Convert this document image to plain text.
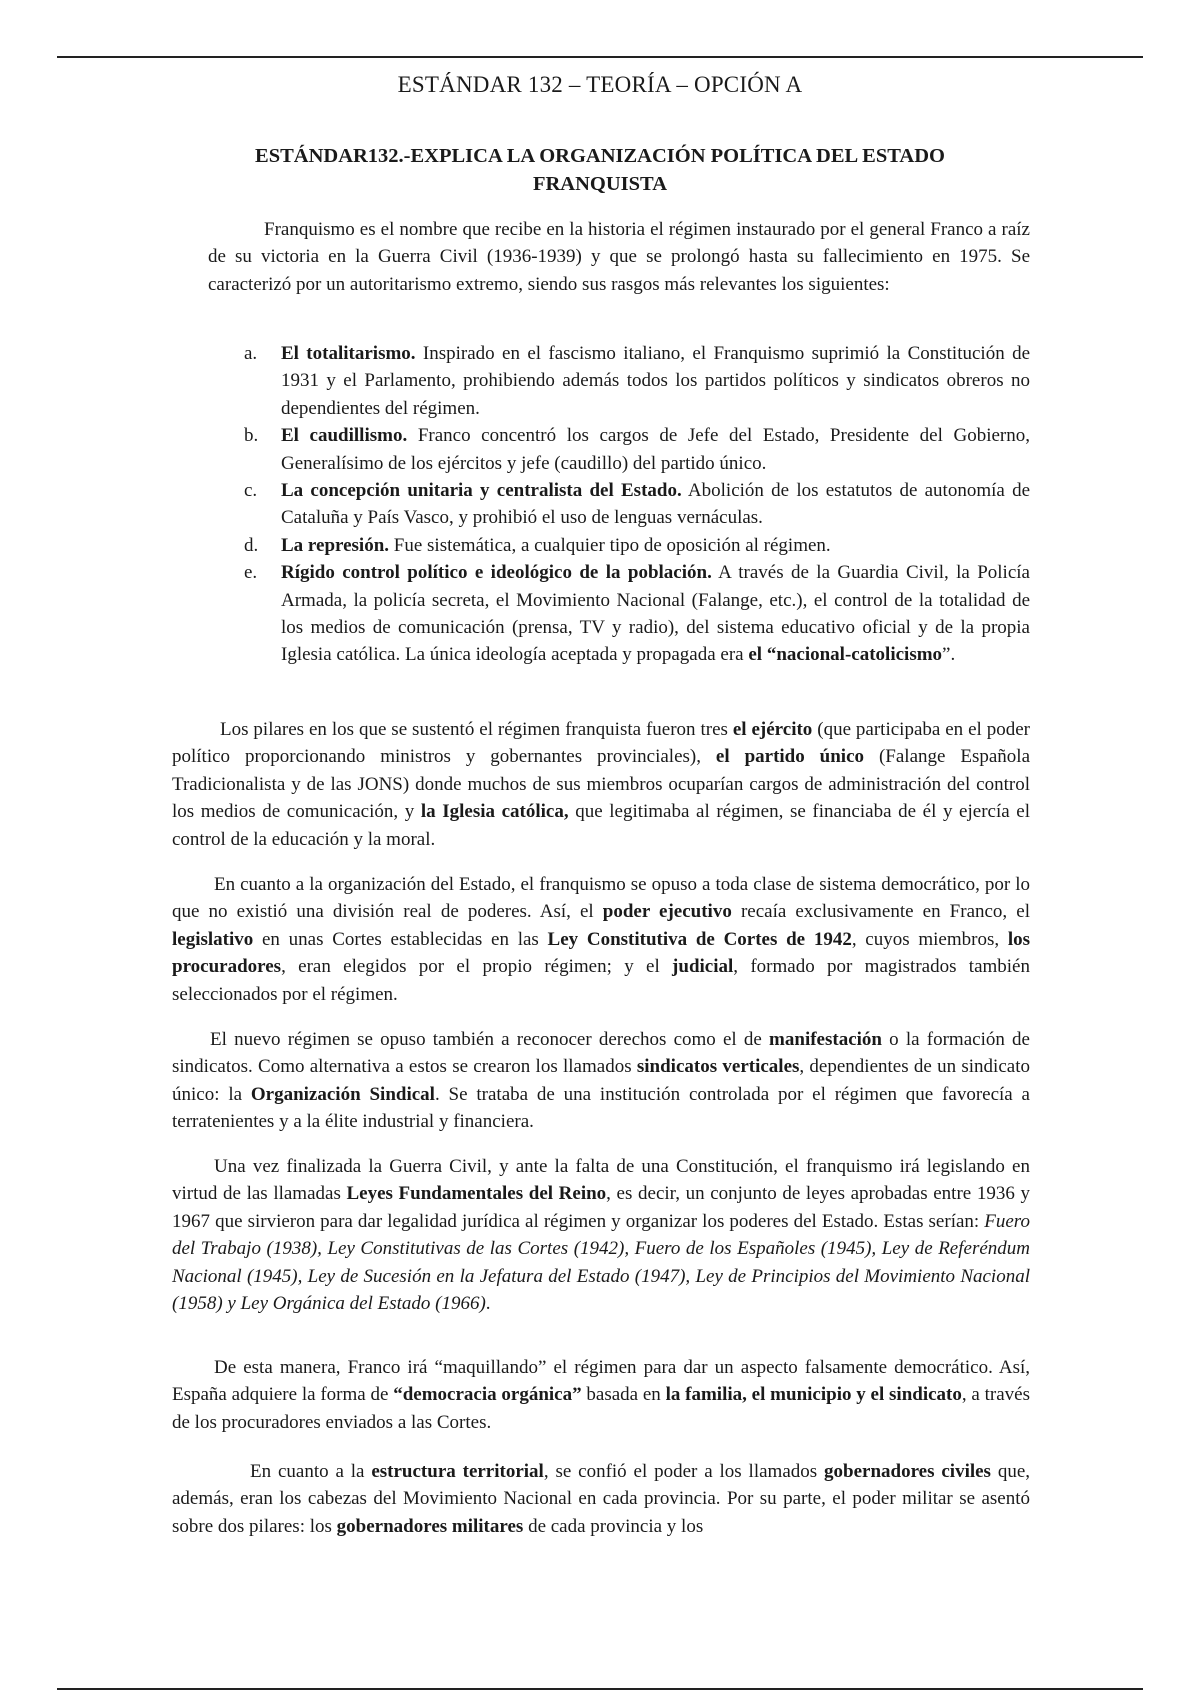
ESTÁNDAR 132 – TEORÍA – OPCIÓN A
ESTÁNDAR132.-EXPLICA LA ORGANIZACIÓN POLÍTICA DEL ESTADO
FRANQUISTA
Franquismo es el nombre que recibe en la historia el régimen instaurado por el general Franco a raíz de su victoria en la Guerra Civil (1936-1939) y que se prolongó hasta su fallecimiento en 1975. Se caracterizó por un autoritarismo extremo, siendo sus rasgos más relevantes los siguientes:
a. El totalitarismo. Inspirado en el fascismo italiano, el Franquismo suprimió la Constitución de 1931 y el Parlamento, prohibiendo además todos los partidos políticos y sindicatos obreros no dependientes del régimen.
b. El caudillismo. Franco concentró los cargos de Jefe del Estado, Presidente del Gobierno, Generalísimo de los ejércitos y jefe (caudillo) del partido único.
c. La concepción unitaria y centralista del Estado. Abolición de los estatutos de autonomía de Cataluña y País Vasco, y prohibió el uso de lenguas vernáculas.
d. La represión. Fue sistemática, a cualquier tipo de oposición al régimen.
e. Rígido control político e ideológico de la población. A través de la Guardia Civil, la Policía Armada, la policía secreta, el Movimiento Nacional (Falange, etc.), el control de la totalidad de los medios de comunicación (prensa, TV y radio), del sistema educativo oficial y de la propia Iglesia católica. La única ideología aceptada y propagada era el “nacional-catolicismo”.
Los pilares en los que se sustentó el régimen franquista fueron tres el ejército (que participaba en el poder político proporcionando ministros y gobernantes provinciales), el partido único (Falange Española Tradicionalista y de las JONS) donde muchos de sus miembros ocuparían cargos de administración del control los medios de comunicación, y la Iglesia católica, que legitimaba al régimen, se financiaba de él y ejercía el control de la educación y la moral.
En cuanto a la organización del Estado, el franquismo se opuso a toda clase de sistema democrático, por lo que no existió una división real de poderes. Así, el poder ejecutivo recaía exclusivamente en Franco, el legislativo en unas Cortes establecidas en las Ley Constitutiva de Cortes de 1942, cuyos miembros, los procuradores, eran elegidos por el propio régimen; y el judicial, formado por magistrados también seleccionados por el régimen.
El nuevo régimen se opuso también a reconocer derechos como el de manifestación o la formación de sindicatos. Como alternativa a estos se crearon los llamados sindicatos verticales, dependientes de un sindicato único: la Organización Sindical. Se trataba de una institución controlada por el régimen que favorecía a terratenientes y a la élite industrial y financiera.
Una vez finalizada la Guerra Civil, y ante la falta de una Constitución, el franquismo irá legislando en virtud de las llamadas Leyes Fundamentales del Reino, es decir, un conjunto de leyes aprobadas entre 1936 y 1967 que sirvieron para dar legalidad jurídica al régimen y organizar los poderes del Estado. Estas serían: Fuero del Trabajo (1938), Ley Constitutivas de las Cortes (1942), Fuero de los Españoles (1945), Ley de Referéndum Nacional (1945), Ley de Sucesión en la Jefatura del Estado (1947), Ley de Principios del Movimiento Nacional (1958) y Ley Orgánica del Estado (1966).
De esta manera, Franco irá “maquillando” el régimen para dar un aspecto falsamente democrático. Así, España adquiere la forma de “democracia orgánica” basada en la familia, el municipio y el sindicato, a través de los procuradores enviados a las Cortes.
En cuanto a la estructura territorial, se confió el poder a los llamados gobernadores civiles que, además, eran los cabezas del Movimiento Nacional en cada provincia. Por su parte, el poder militar se asentó sobre dos pilares: los gobernadores militares de cada provincia y los
